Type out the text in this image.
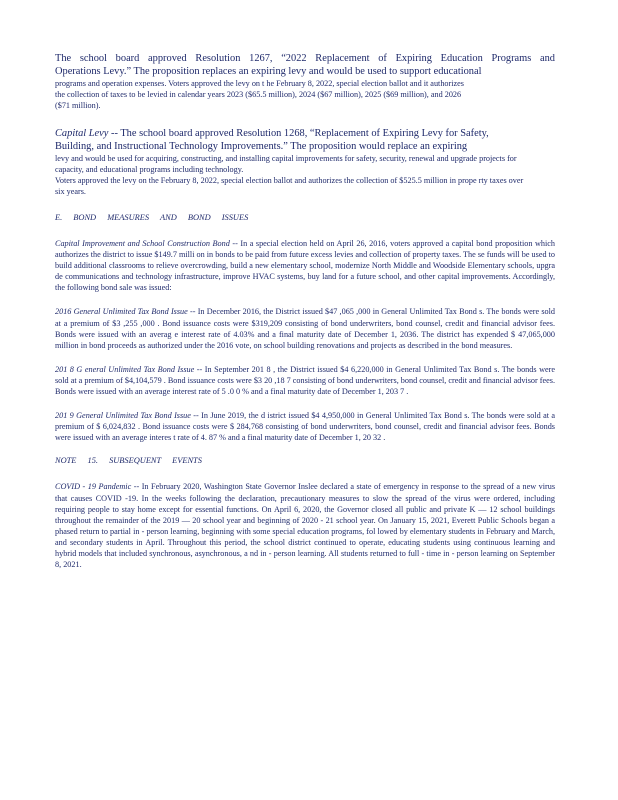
The school board approved Resolution 1267, “2022 Replacement of Expiring Education Programs and

Operations Levy.” The proposition replaces an expiring levy and would be used to support educational

programs and operation expenses. Voters approved the levy on t he February 8, 2022, special election ballot and it authorizes the collection of taxes to be levied in calendar years 2023 ($65.5 million), 2024 ($67 million), 2025 ($69 million), and 2026 ($71 million).

Capital Levy -- The school board approved Resolution 1268, “Replacement of Expiring Levy for Safety,

Building, and Instructional Technology Improvements.” The proposition would replace an expiring

levy and would be used for acquiring, constructing, and installing capital improvements for safety, security, renewal and upgrade projects for capacity, and educational programs including technology.

Voters approved the levy on the February 8, 2022, special election ballot and authorizes the collection of $525.5 million in prope rty taxes over six years.

E. BOND MEASURES AND BOND ISSUES

Capital Improvement and School Construction Bond -- In a special election held on April 26, 2016, voters approved a capital bond proposition which authorizes the district to issue $149.7 milli on in bonds to be paid from future excess levies and collection of property taxes. The se funds will be used to build additional classrooms to relieve overcrowding, build a new elementary school, modernize North Middle and Woodside Elementary schools, upgra de communications and technology infrastructure, improve HVAC systems, buy land for a future school, and other capital improvements. Accordingly, the following bond sale was issued:

2016 General Unlimited Tax Bond Issue -- In December 2016, the District issued $47 ,065 ,000 in General Unlimited Tax Bond s. The bonds were sold at a premium of $3 ,255 ,000 . Bond issuance costs were $319,209 consisting of bond underwriters, bond counsel, credit and financial advisor fees. Bonds were issued with an averag e interest rate of 4.03% and a final maturity date of December 1, 2036. The district has expended $ 47,065,000 million in bond proceeds as authorized under the 2016 vote, on school building renovations and projects as described in the bond measures.

201 8 G eneral Unlimited Tax Bond Issue -- In September 201 8 , the District issued $4 6,220,000 in General Unlimited Tax Bond s. The bonds were sold at a premium of $4,104,579 . Bond issuance costs were $3 20 ,18 7 consisting of bond underwriters, bond counsel, credit and financial advisor fees. Bonds were issued with an average interest rate of 5 .0 0 % and a final maturity date of December 1, 203 7 .

201 9 General Unlimited Tax Bond Issue -- In June 2019, the d istrict issued $4 4,950,000 in General Unlimited Tax Bond s. The bonds were sold at a premium of $ 6,024,832 . Bond issuance costs were $ 284,768 consisting of bond underwriters, bond counsel, credit and financial advisor fees. Bonds were issued with an average interes t rate of 4. 87 % and a final maturity date of December 1, 20 32 .

NOTE 15. SUBSEQUENT EVENTS

COVID - 19 Pandemic -- In February 2020, Washington State Governor Inslee declared a state of emergency in response to the spread of a new virus that causes COVID -19. In the weeks following the declaration, precautionary measures to slow the spread of the virus were ordered, including requiring people to stay home except for essential functions. On April 6, 2020, the Governor closed all public and private K — 12 school buildings throughout the remainder of the 2019 — 20 school year and beginning of 2020 - 21 school year. On January 15, 2021, Everett Public Schools began a phased return to partial in - person learning, beginning with some special education programs, fol lowed by elementary students in February and March, and secondary students in April. Throughout this period, the school district continued to operate, educating students using continuous learning and hybrid models that included synchronous, asynchronous, a nd in - person learning. All students returned to full - time in - person learning on September 8, 2021.
